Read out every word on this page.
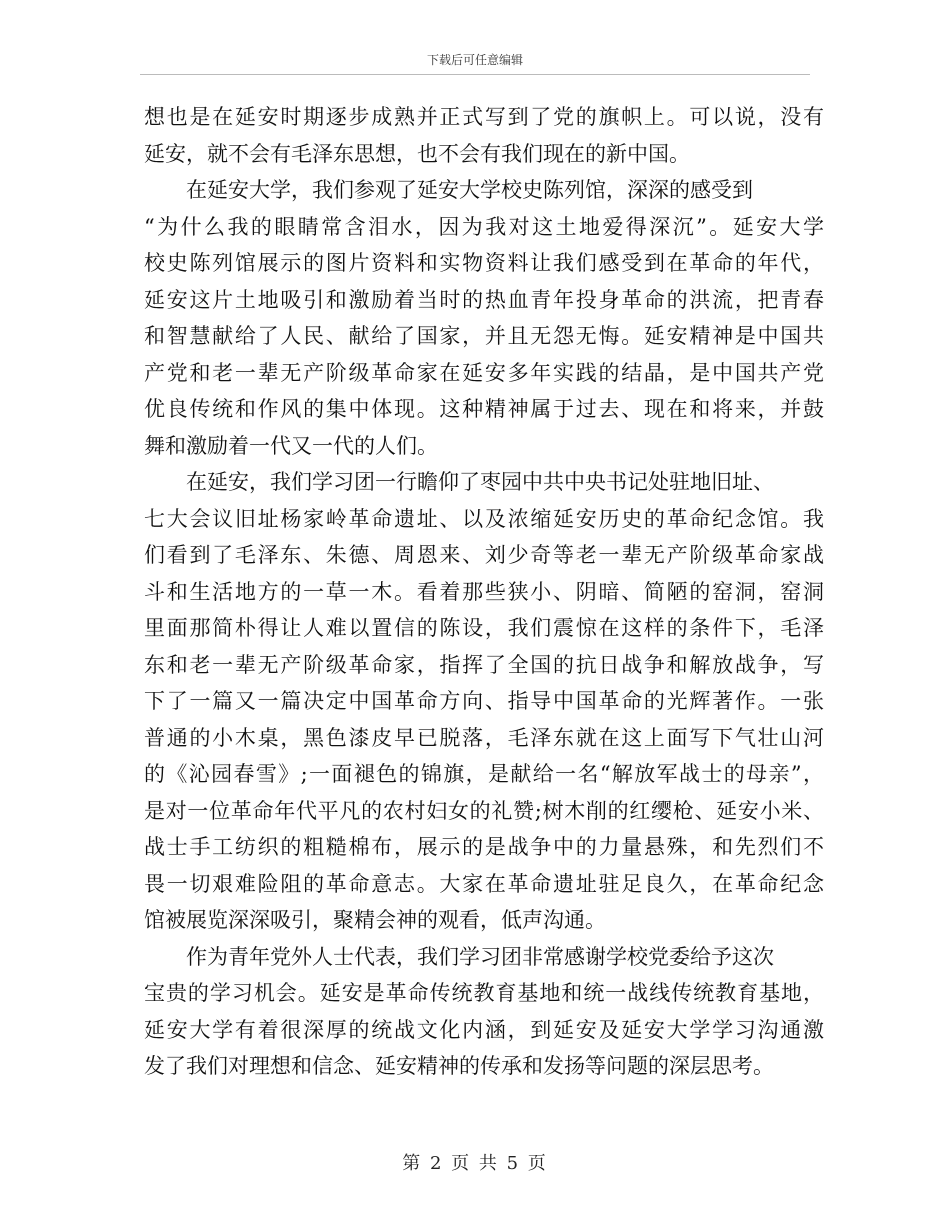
下载后可任意编辑
想也是在延安时期逐步成熟并正式写到了党的旗帜上。可以说，没有
延安，就不会有毛泽东思想，也不会有我们现在的新中国。
在延安大学，我们参观了延安大学校史陈列馆，深深的感受到
“为什么我的眼睛常含泪水，因为我对这土地爱得深沉”。延安大学
校史陈列馆展示的图片资料和实物资料让我们感受到在革命的年代，
延安这片土地吸引和激励着当时的热血青年投身革命的洪流，把青春
和智慧献给了人民、献给了国家，并且无怨无悔。延安精神是中国共
产党和老一辈无产阶级革命家在延安多年实践的结晶，是中国共产党
优良传统和作风的集中体现。这种精神属于过去、现在和将来，并鼓
舞和激励着一代又一代的人们。
在延安，我们学习团一行瞻仰了枣园中共中央书记处驻地旧址、
七大会议旧址杨家岭革命遗址、以及浓缩延安历史的革命纪念馆。我
们看到了毛泽东、朱德、周恩来、刘少奇等老一辈无产阶级革命家战
斗和生活地方的一草一木。看着那些狭小、阴暗、简陋的窑洞，窑洞
里面那简朴得让人难以置信的陈设，我们震惊在这样的条件下，毛泽
东和老一辈无产阶级革命家，指挥了全国的抗日战争和解放战争，写
下了一篇又一篇决定中国革命方向、指导中国革命的光辉著作。一张
普通的小木桌，黑色漆皮早已脱落，毛泽东就在这上面写下气壮山河
的《沁园春雪》;一面褪色的锦旗，是献给一名“解放军战士的母亲”，
是对一位革命年代平凡的农村妇女的礼赞;树木削的红缨枪、延安小米、
战士手工纺织的粗糙棉布，展示的是战争中的力量悬殊，和先烈们不
畏一切艰难险阻的革命意志。大家在革命遗址驻足良久，在革命纪念
馆被展览深深吸引，聚精会神的观看，低声沟通。
作为青年党外人士代表，我们学习团非常感谢学校党委给予这次
宝贵的学习机会。延安是革命传统教育基地和统一战线传统教育基地，
延安大学有着很深厚的统战文化内涵，到延安及延安大学学习沟通激
发了我们对理想和信念、延安精神的传承和发扬等问题的深层思考。
第 2 页 共 5 页
